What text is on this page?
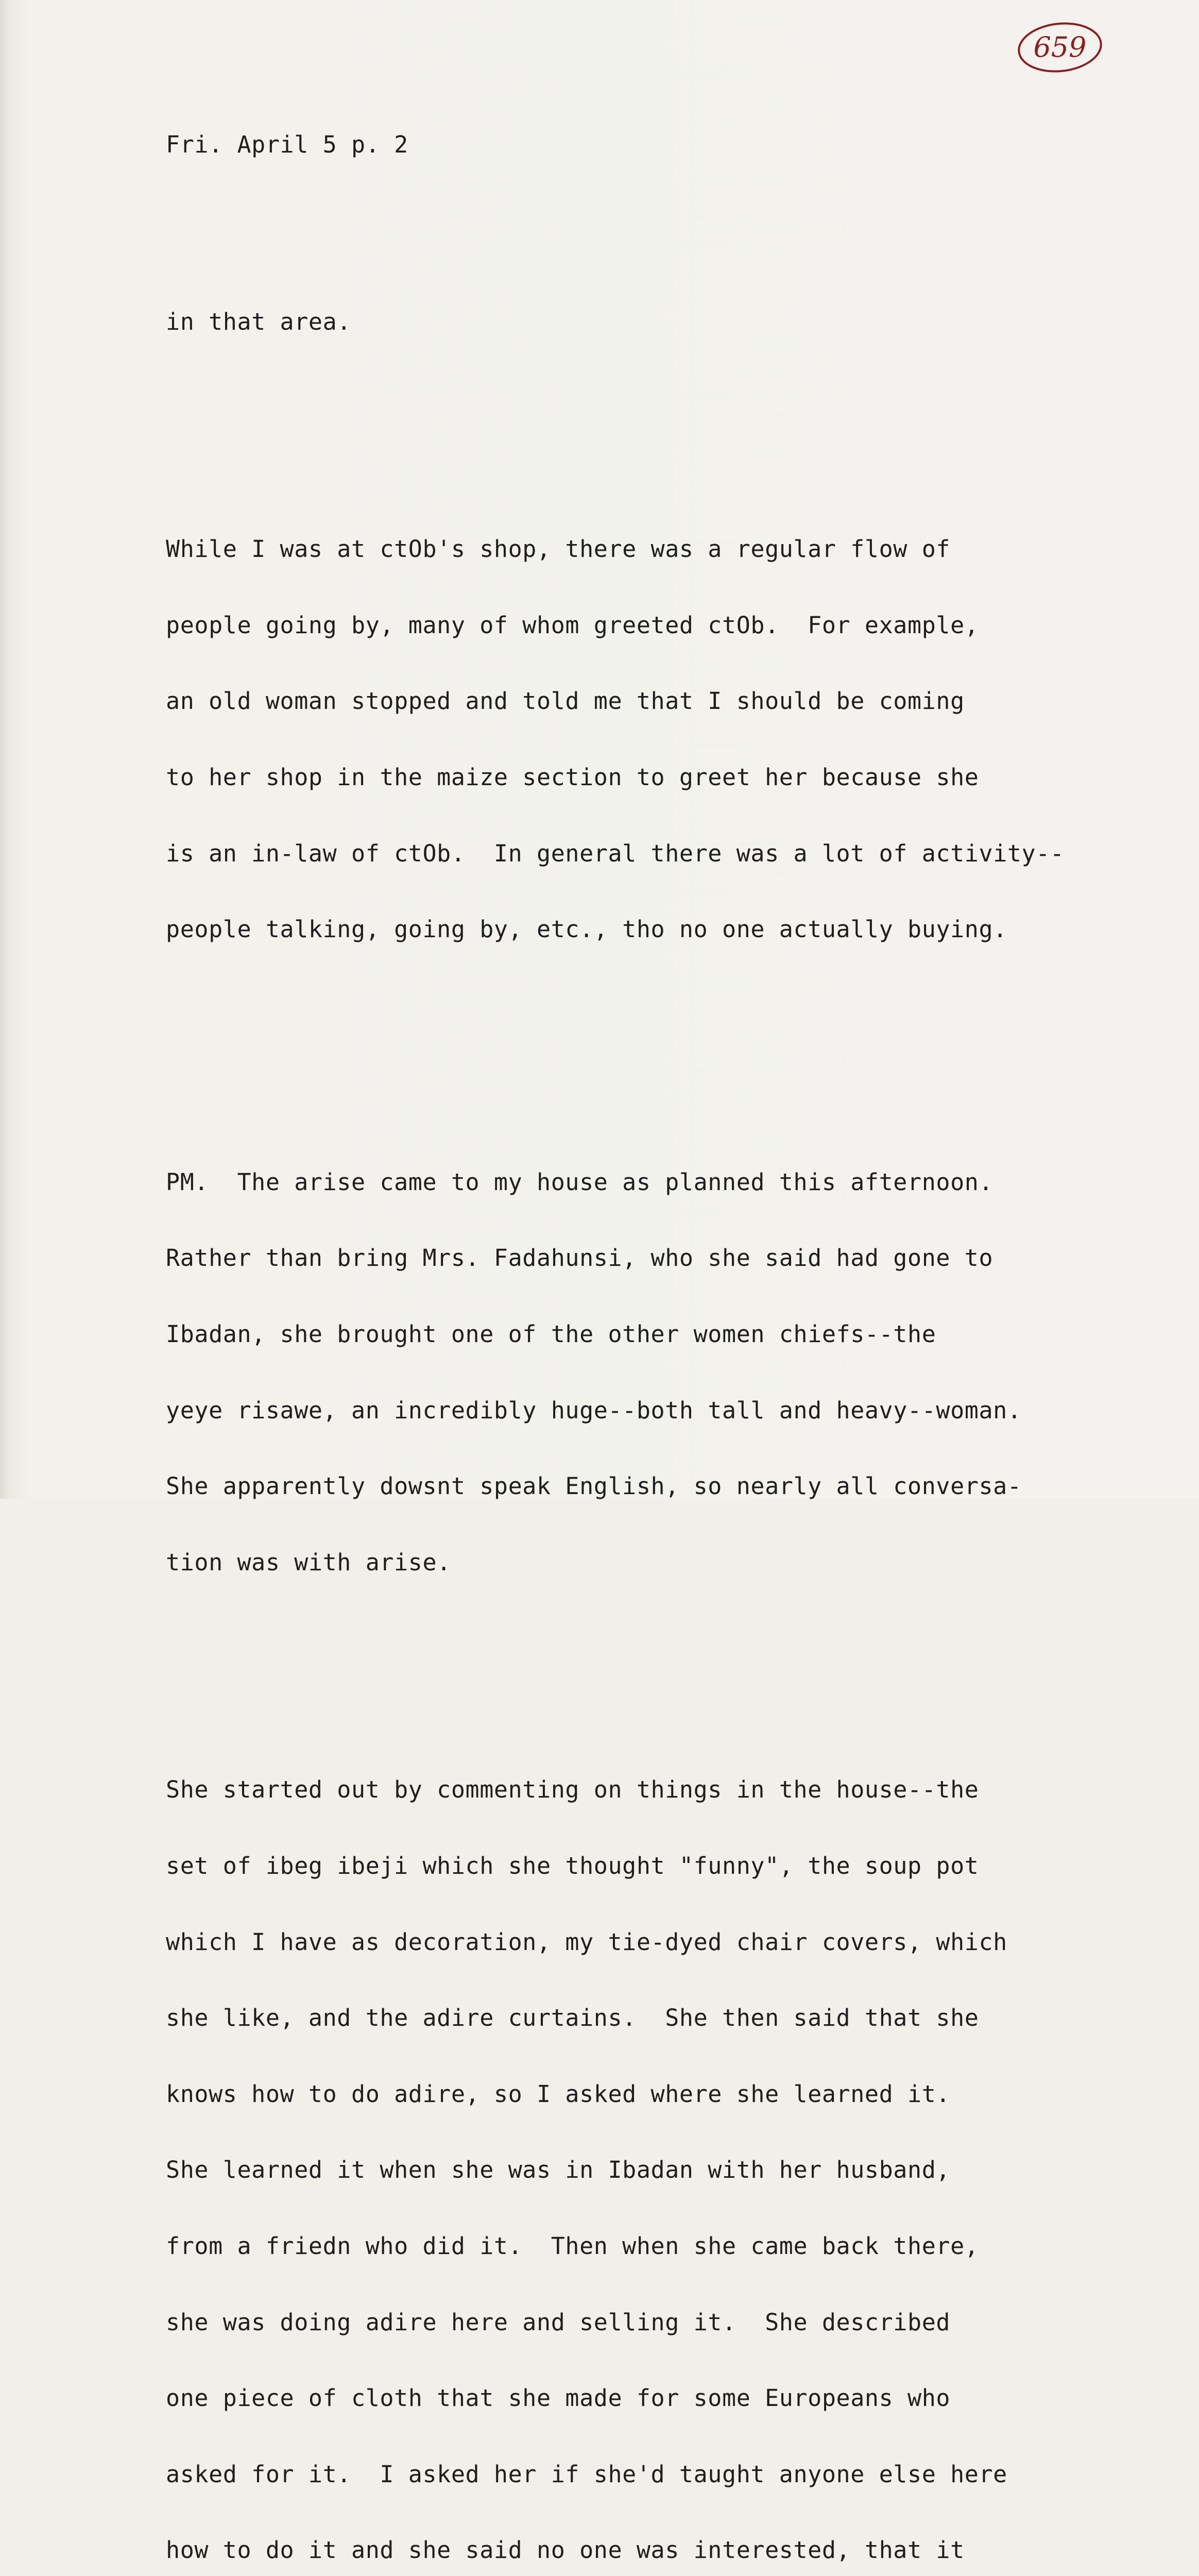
659

Fri. April 5 p. 2

in that area.

While I was at ctOb's shop, there was a regular flow of

people going by, many of whom greeted ctOb.  For example,

an old woman stopped and told me that I should be coming

to her shop in the maize section to greet her because she

is an in-law of ctOb.  In general there was a lot of activity--

people talking, going by, etc., tho no one actually buying.

PM.  The arise came to my house as planned this afternoon.

Rather than bring Mrs. Fadahunsi, who she said had gone to

Ibadan, she brought one of the other women chiefs--the

yeye risawe, an incredibly huge--both tall and heavy--woman.

She apparently dowsnt speak English, so nearly all conversa-

tion was with arise.

She started out by commenting on things in the house--the

set of ibeg ibeji which she thought "funny", the soup pot

which I have as decoration, my tie-dyed chair covers, which

she like, and the adire curtains.  She then said that she

knows how to do adire, so I asked where she learned it.

She learned it when she was in Ibadan with her husband,

from a friedn who did it.  Then when she came back there,

she was doing adire here and selling it.  She described

one piece of cloth that she made for some Europeans who

asked for it.  I asked her if she'd taught anyone else here

how to do it and she said no one was interested, that it
